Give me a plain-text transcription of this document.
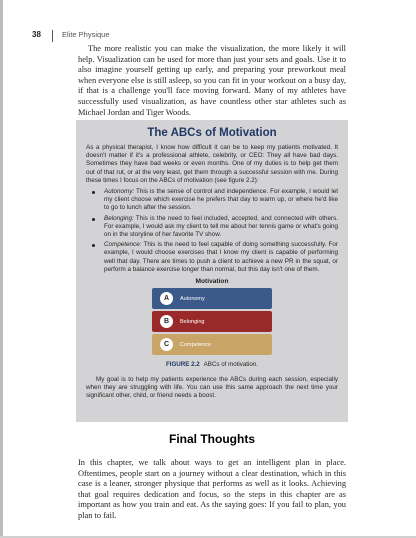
38	Elite Physique

The more realistic you can make the visualization, the more likely it will help. Visualization can be used for more than just your sets and goals. Use it to also imagine yourself getting up early, and preparing your preworkout meal when everyone else is still asleep, so you can fit in your workout on a busy day, if that is a challenge you'll face moving forward. Many of my athletes have successfully used visualization, as have countless other star athletes such as Michael Jordan and Tiger Woods.

The ABCs of Motivation

As a physical therapist, I know how difficult it can be to keep my patients motivated. It doesn't matter if it's a professional athlete, celebrity, or CEO: They all have bad days. Sometimes they have bad weeks or even months. One of my duties is to help get them out of that rut, or at the very least, get them through a successful session with me. During these times I focus on the ABCs of motivation (see figure 2.2):

Autonomy: This is the sense of control and independence. For example, I would let my client choose which exercise he prefers that day to warm up, or where he'd like to go to lunch after the session.
Belonging: This is the need to feel included, accepted, and connected with others. For example, I would ask my client to tell me about her tennis game or what's going on in the storyline of her favorite TV show.
Competence: This is the need to feel capable of doing something successfully. For example, I would choose exercises that I know my client is capable of performing well that day. There are times to push a client to achieve a new PR in the squat, or perform a balance exercise longer than normal, but this day isn't one of them.
Motivation
A	Autonomy
B	Belonging
C	Competence
FIGURE 2.2 ABCs of motivation.

My goal is to help my patients experience the ABCs during each session, especially when they are struggling with life. You can use this same approach the next time your significant other, child, or friend needs a boost.

Final Thoughts

In this chapter, we talk about ways to get an intelligent plan in place. Oftentimes, people start on a journey without a clear destination, which in this case is a leaner, stronger physique that performs as well as it looks. Achieving that goal requires dedication and focus, so the steps in this chapter are as important as how you train and eat. As the saying goes: If you fail to plan, you plan to fail.
